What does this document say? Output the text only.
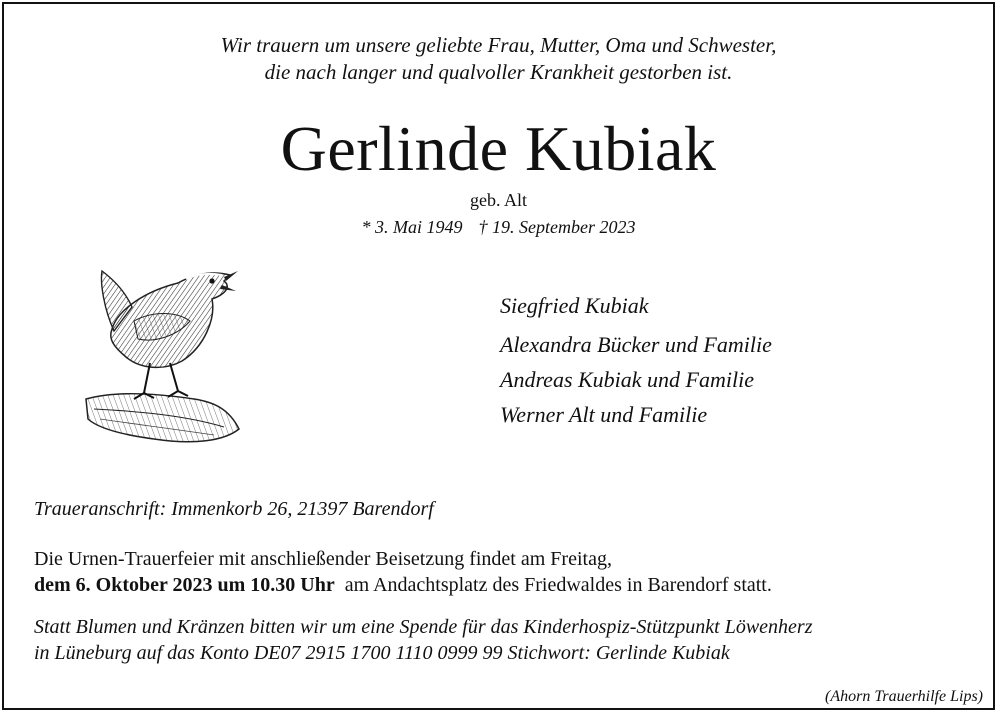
Wir trauern um unsere geliebte Frau, Mutter, Oma und Schwester,
die nach langer und qualvoller Krankheit gestorben ist.
Gerlinde Kubiak
geb. Alt
* 3. Mai 1949 † 19. September 2023
Siegfried Kubiak
Alexandra Bücker und Familie
Andreas Kubiak und Familie
Werner Alt und Familie
Traueranschrift: Immenkorb 26, 21397 Barendorf
Die Urnen-Trauerfeier mit anschließender Beisetzung findet am Freitag,
dem 6. Oktober 2023 um 10.30 Uhr am Andachtsplatz des Friedwaldes in Barendorf statt.
Statt Blumen und Kränzen bitten wir um eine Spende für das Kinderhospiz-Stützpunkt Löwenherz
in Lüneburg auf das Konto DE07 2915 1700 1110 0999 99 Stichwort: Gerlinde Kubiak
(Ahorn Trauerhilfe Lips)
